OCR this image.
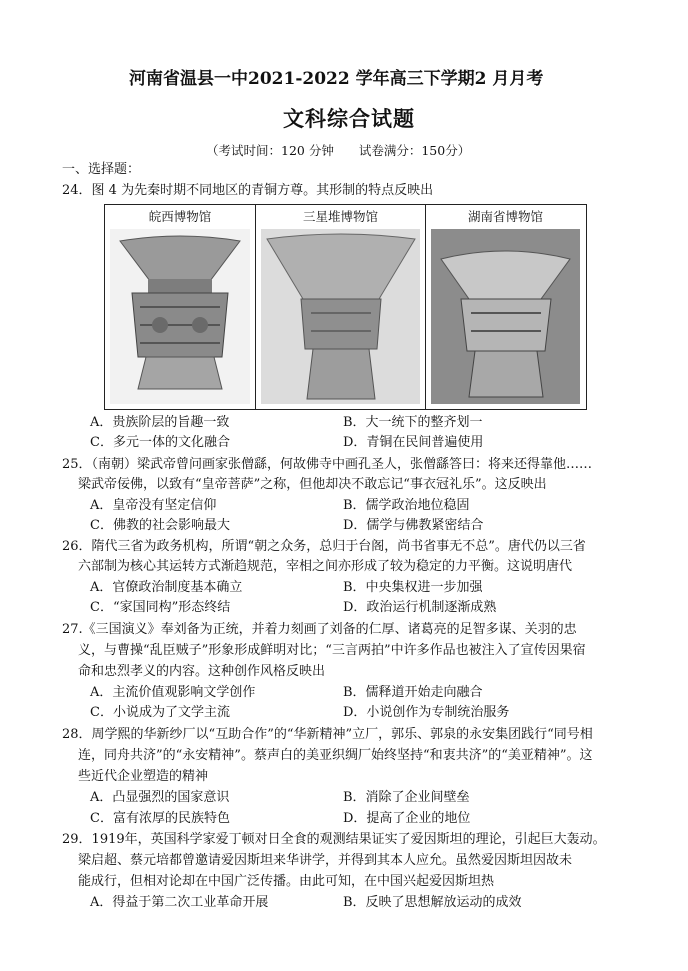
河南省温县一中2021-2022 学年高三下学期2 月月考
文科综合试题
（考试时间：120 分钟　　试卷满分：150分）
一、选择题：
24．图 4 为先秦时期不同地区的青铜方尊。其形制的特点反映出
皖西博物馆	三星堆博物馆	湖南省博物馆
A．贵族阶层的旨趣一致	B．大一统下的整齐划一
C．多元一体的文化融合	D．青铜在民间普遍使用
25．（南朝）梁武帝曾问画家张僧繇，何故佛寺中画孔圣人，张僧繇答曰：将来还得靠他……
梁武帝佞佛，以致有“皇帝菩萨”之称，但他却决不敢忘记“事衣冠礼乐”。这反映出
A．皇帝没有坚定信仰	B．儒学政治地位稳固
C．佛教的社会影响最大	D．儒学与佛教紧密结合
26．隋代三省为政务机构，所谓“朝之众务，总归于台阁，尚书省事无不总”。唐代仍以三省
六部制为核心其运转方式渐趋规范，宰相之间亦形成了较为稳定的力平衡。这说明唐代
A．官僚政治制度基本确立	B．中央集权进一步加强
C．“家国同构”形态终结	D．政治运行机制逐渐成熟
27.《三国演义》奉刘备为正统，并着力刻画了刘备的仁厚、诸葛亮的足智多谋、关羽的忠
义，与曹操“乱臣贼子”形象形成鲜明对比；“三言两拍”中许多作品也被注入了宣传因果宿
命和忠烈孝义的内容。这种创作风格反映出
A．主流价值观影响文学创作	B．儒释道开始走向融合
C．小说成为了文学主流	D．小说创作为专制统治服务
28．周学熙的华新纱厂以“互助合作”的“华新精神”立厂，郭乐、郭泉的永安集团践行“同号相
连，同舟共济”的“永安精神”。蔡声白的美亚织绸厂始终坚持“和衷共济”的“美亚精神”。这
些近代企业塑造的精神
A．凸显强烈的国家意识	B．消除了企业间壁垒
C．富有浓厚的民族特色	D．提高了企业的地位
29．1919年，英国科学家爱丁顿对日全食的观测结果证实了爱因斯坦的理论，引起巨大轰动。
梁启超、蔡元培都曾邀请爱因斯坦来华讲学，并得到其本人应允。虽然爱因斯坦因故未
能成行，但相对论却在中国广泛传播。由此可知，在中国兴起爱因斯坦热
A．得益于第二次工业革命开展	B．反映了思想解放运动的成效
